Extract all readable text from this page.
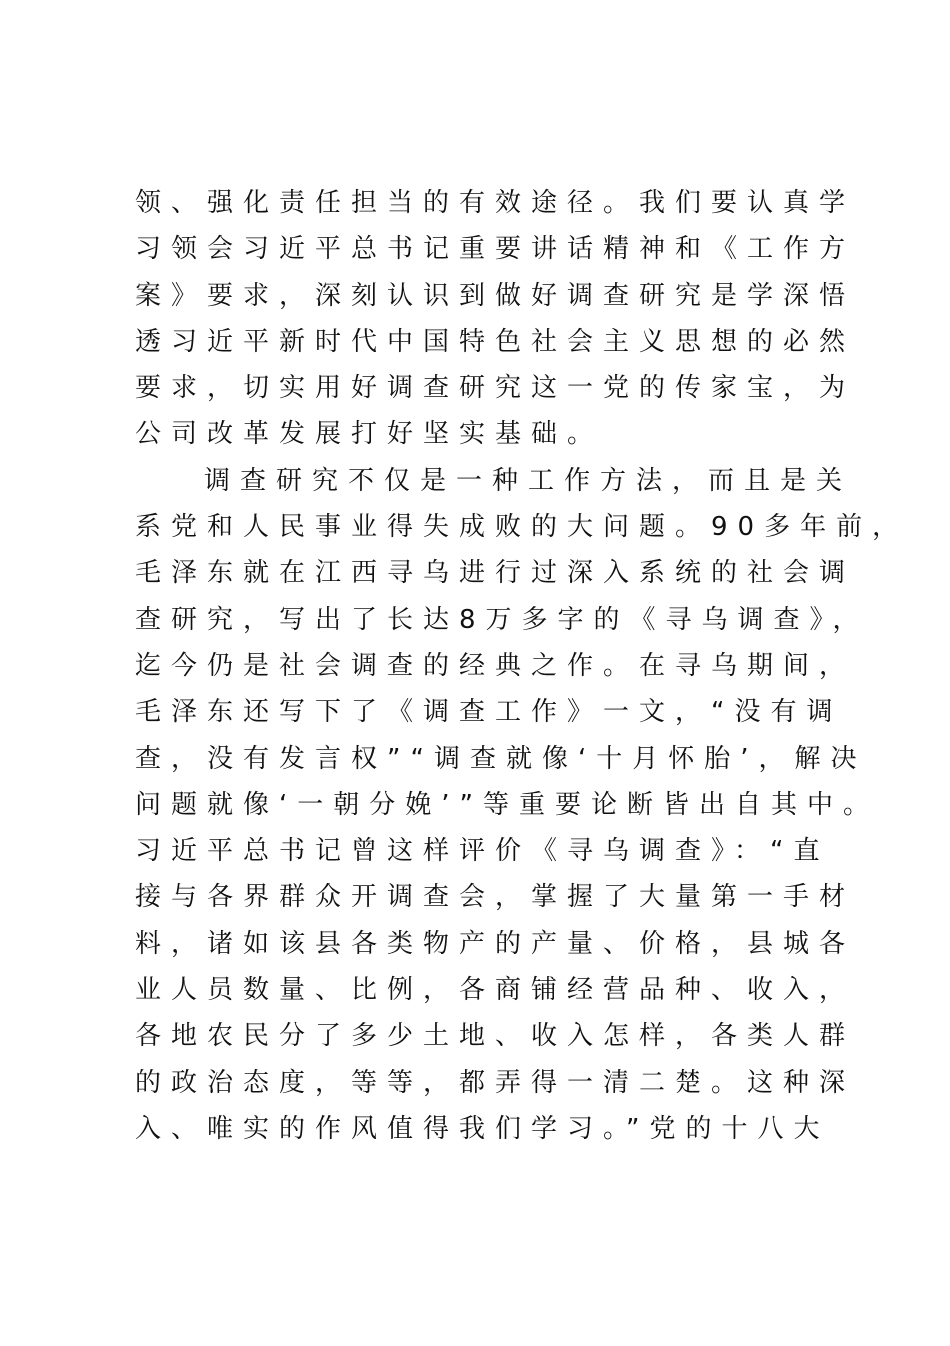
领、强化责任担当的有效途径。我们要认真学
习领会习近平总书记重要讲话精神和《工作方
案》要求，深刻认识到做好调查研究是学深悟
透习近平新时代中国特色社会主义思想的必然
要求，切实用好调查研究这一党的传家宝，为
公司改革发展打好坚实基础。
调查研究不仅是一种工作方法，而且是关
系党和人民事业得失成败的大问题。90多年前，
毛泽东就在江西寻乌进行过深入系统的社会调
查研究，写出了长达8万多字的《寻乌调查》，
迄今仍是社会调查的经典之作。在寻乌期间，
毛泽东还写下了《调查工作》一文，“没有调
查，没有发言权”“调查就像‘十月怀胎’，解决
问题就像‘一朝分娩’”等重要论断皆出自其中。
习近平总书记曾这样评价《寻乌调查》：“直
接与各界群众开调查会，掌握了大量第一手材
料，诸如该县各类物产的产量、价格，县城各
业人员数量、比例，各商铺经营品种、收入，
各地农民分了多少土地、收入怎样，各类人群
的政治态度，等等，都弄得一清二楚。这种深
入、唯实的作风值得我们学习。”党的十八大
